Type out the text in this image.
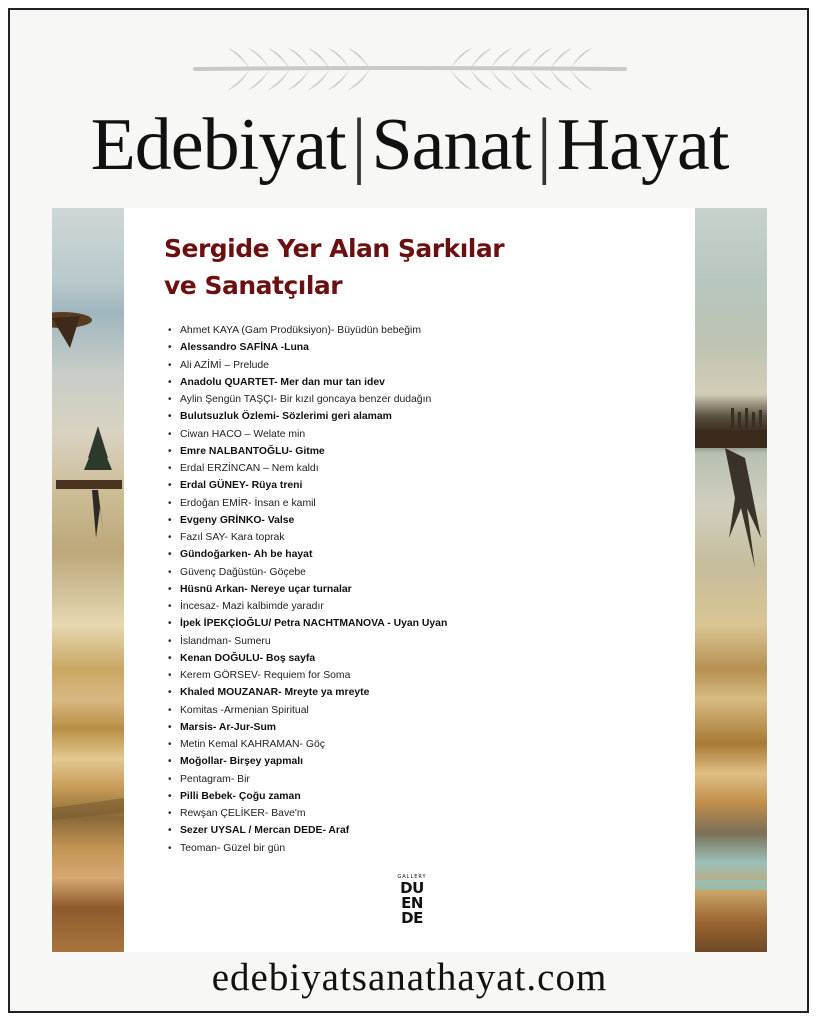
Edebiyat|Sanat|Hayat
Sergide Yer Alan Şarkılar
ve Sanatçılar
• Ahmet KAYA (Gam Prodüksiyon)- Büyüdün bebeğim
• Alessandro SAFİNA -Luna
• Ali AZİMİ – Prelude
• Anadolu QUARTET- Mer dan mur tan idev
• Aylin Şengün TAŞÇI- Bir kızıl goncaya benzer dudağın
• Bulutsuzluk Özlemi- Sözlerimi geri alamam
• Ciwan HACO – Welate min
• Emre NALBANTOĞLU- Gitme
• Erdal ERZİNCAN – Nem kaldı
• Erdal GÜNEY- Rüya treni
• Erdoğan EMİR- İnsan e kamil
• Evgeny GRİNKO- Valse
• Fazıl SAY- Kara toprak
• Gündoğarken- Ah be hayat
• Güvenç Dağüstün- Göçebe
• Hüsnü Arkan- Nereye uçar turnalar
• İncesaz- Mazi kalbimde yaradır
• İpek İPEKÇİOĞLU/ Petra NACHTMANOVA - Uyan Uyan
• İslandman- Sumeru
• Kenan DOĞULU- Boş sayfa
• Kerem GÖRSEV- Requiem for Soma
• Khaled MOUZANAR- Mreyte ya mreyte
• Komitas -Armenian Spiritual
• Marsis- Ar-Jur-Sum
• Metin Kemal KAHRAMAN- Göç
• Moğollar- Birşey yapmalı
• Pentagram- Bir
• Pilli Bebek- Çoğu zaman
• Rewşan ÇELİKER- Bave'm
• Sezer UYSAL / Mercan DEDE- Araf
• Teoman- Güzel bir gün
GALLERY
DU
EN
DE
edebiyatsanathayat.com
